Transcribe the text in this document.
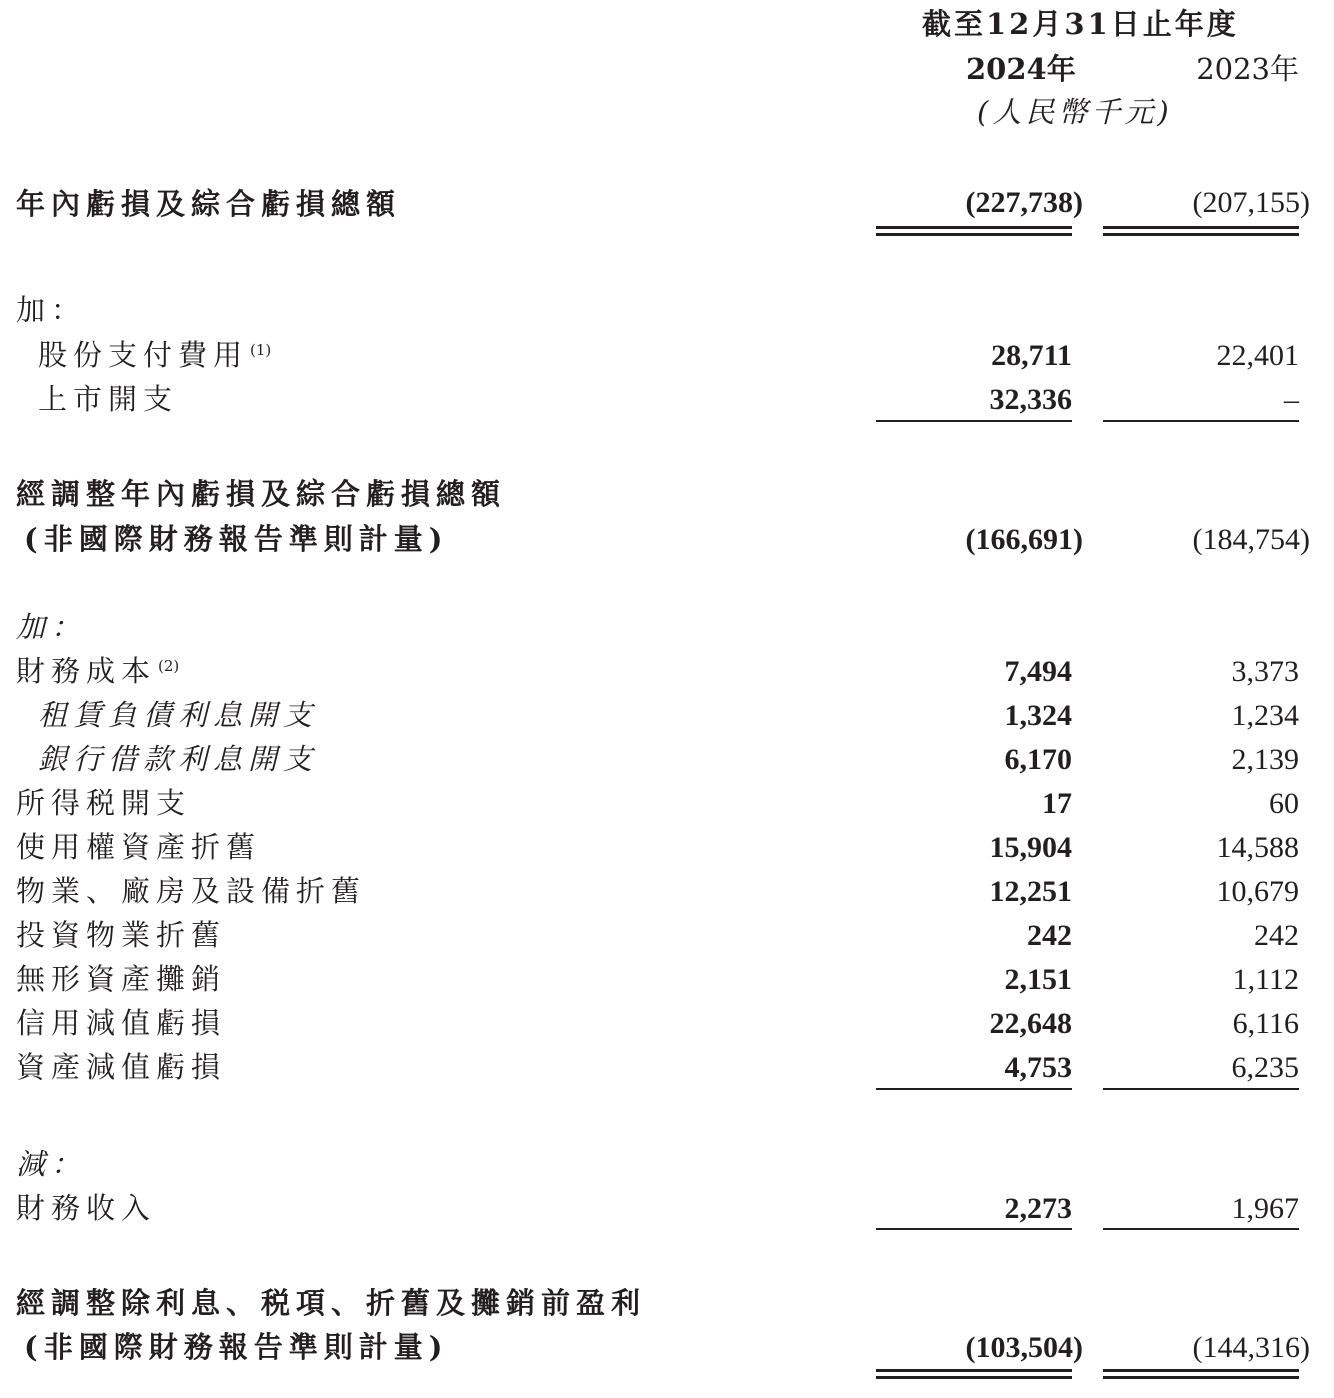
截至12月31日止年度
2024年	2023年
(人民幣千元)
年內虧損及綜合虧損總額	(227,738)	(207,155)
加：
股份支付費用 $^{(1)}$	28,711	22,401
上市開支	32,336	–
經調整年內虧損及綜合虧損總額
(非國際財務報告準則計量)	(166,691)	(184,754)
加：
財務成本 $^{(2)}$	7,494	3,373
租賃負債利息開支	1,324	1,234
銀行借款利息開支	6,170	2,139
所得税開支	17	60
使用權資產折舊	15,904	14,588
物業、廠房及設備折舊	12,251	10,679
投資物業折舊	242	242
無形資產攤銷	2,151	1,112
信用減值虧損	22,648	6,116
資產減值虧損	4,753	6,235
減：
財務收入	2,273	1,967
經調整除利息、税項、折舊及攤銷前盈利
(非國際財務報告準則計量)	(103,504)	(144,316)
